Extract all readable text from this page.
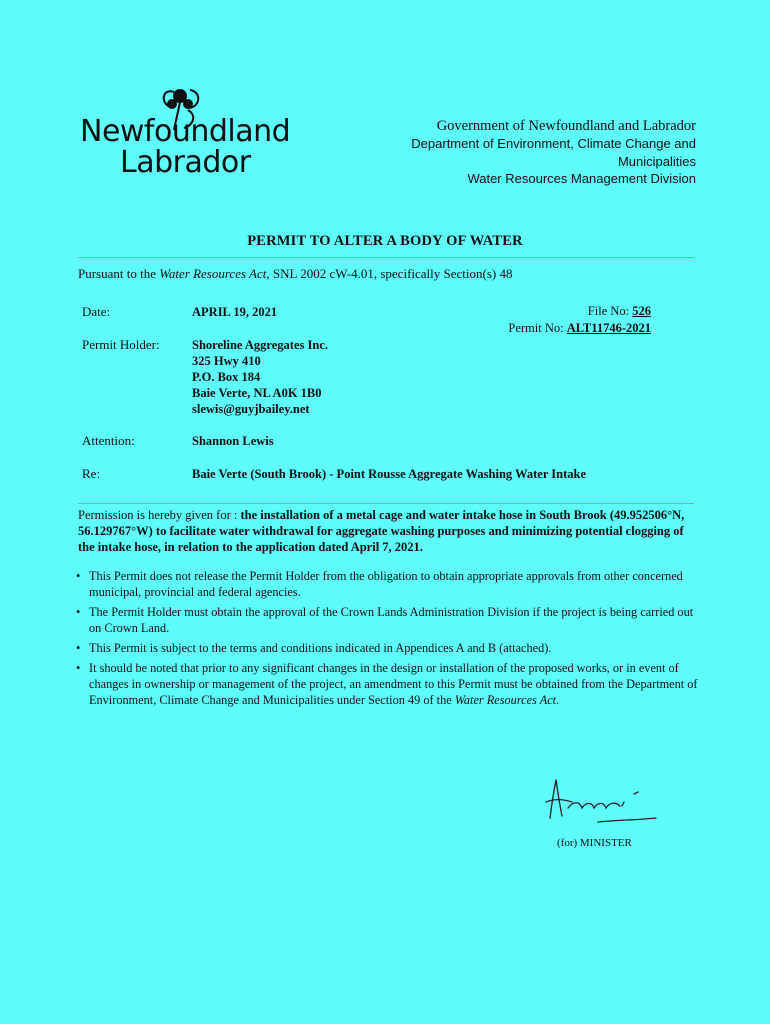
Newfoundland
Labrador
Government of Newfoundland and Labrador
Department of Environment, Climate Change and
Municipalities
Water Resources Management Division
PERMIT TO ALTER A BODY OF WATER
Pursuant to the Water Resources Act, SNL 2002 cW-4.01, specifically Section(s) 48
Date:	APRIL 19, 2021	File No: 526
Permit No: ALT11746-2021
Permit Holder:	Shoreline Aggregates Inc.
325 Hwy 410
P.O. Box 184
Baie Verte, NL A0K 1B0
slewis@guyjbailey.net
Attention:	Shannon Lewis
Re:	Baie Verte (South Brook) - Point Rousse Aggregate Washing Water Intake
Permission is hereby given for : the installation of a metal cage and water intake hose in South Brook (49.952506°N, 56.129767°W) to facilitate water withdrawal for aggregate washing purposes and minimizing potential clogging of the intake hose, in relation to the application dated April 7, 2021.
• This Permit does not release the Permit Holder from the obligation to obtain appropriate approvals from other concerned municipal, provincial and federal agencies.
• The Permit Holder must obtain the approval of the Crown Lands Administration Division if the project is being carried out on Crown Land.
• This Permit is subject to the terms and conditions indicated in Appendices A and B (attached).
• It should be noted that prior to any significant changes in the design or installation of the proposed works, or in event of changes in ownership or management of the project, an amendment to this Permit must be obtained from the Department of Environment, Climate Change and Municipalities under Section 49 of the Water Resources Act.
(for) MINISTER
